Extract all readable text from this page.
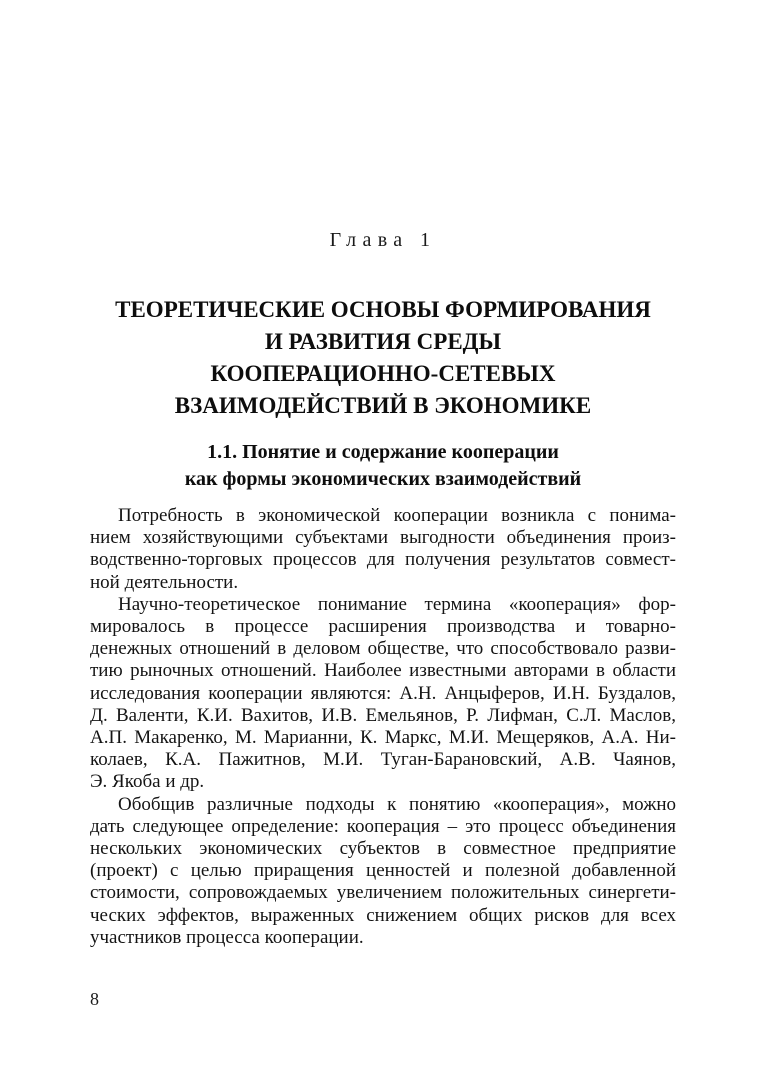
Глава 1
ТЕОРЕТИЧЕСКИЕ ОСНОВЫ ФОРМИРОВАНИЯ
И РАЗВИТИЯ СРЕДЫ
КООПЕРАЦИОННО-СЕТЕВЫХ
ВЗАИМОДЕЙСТВИЙ В ЭКОНОМИКЕ
1.1. Понятие и содержание кооперации
как формы экономических взаимодействий
Потребность в экономической кооперации возникла с понима-
нием хозяйствующими субъектами выгодности объединения произ-
водственно-торговых процессов для получения результатов совмест-
ной деятельности.
Научно-теоретическое понимание термина «кооперация» фор-
мировалось в процессе расширения производства и товарно-
денежных отношений в деловом обществе, что способствовало разви-
тию рыночных отношений. Наиболее известными авторами в области
исследования кооперации являются: А.Н. Анцыферов, И.Н. Буздалов,
Д. Валенти, К.И. Вахитов, И.В. Емельянов, Р. Лифман, С.Л. Маслов,
А.П. Макаренко, М. Марианни, К. Маркс, М.И. Мещеряков, А.А. Ни-
колаев, К.А. Пажитнов, М.И. Туган-Барановский, А.В. Чаянов,
Э. Якоба и др.
Обобщив различные подходы к понятию «кооперация», можно
дать следующее определение: кооперация – это процесс объединения
нескольких экономических субъектов в совместное предприятие
(проект) с целью приращения ценностей и полезной добавленной
стоимости, сопровождаемых увеличением положительных синергети-
ческих эффектов, выраженных снижением общих рисков для всех
участников процесса кооперации.
8
